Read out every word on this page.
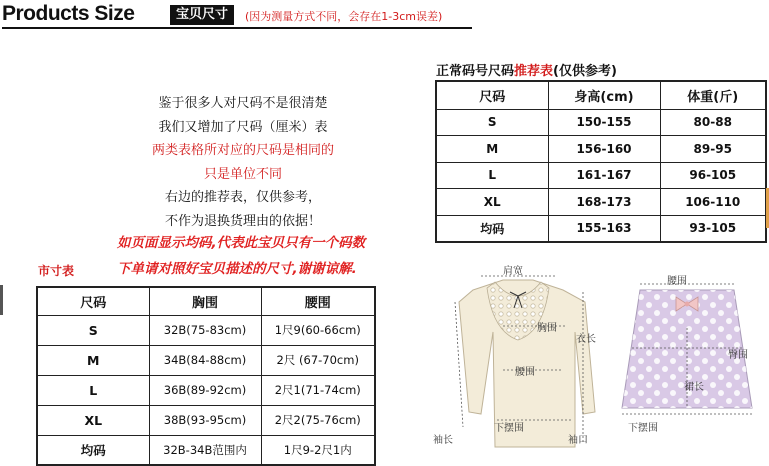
Products Size	宝贝尺寸	(因为测量方式不同，会存在1-3cm误差)
鉴于很多人对尺码不是很清楚
我们又增加了尺码（厘米）表
两类表格所对应的尺码是相同的
只是单位不同
右边的推荐表，仅供参考，
不作为退换货理由的依据！
如页面显示均码,代表此宝贝只有一个码数
下单请对照好宝贝描述的尺寸,谢谢谅解.
市寸表
尺码	胸围	腰围
S	32B(75-83cm)	1尺9(60-66cm)
M	34B(84-88cm)	2尺 (67-70cm)
L	36B(89-92cm)	2尺1(71-74cm)
XL	38B(93-95cm)	2尺2(75-76cm)
均码	32B-34B范围内	1尺9-2尺1内
正常码号尺码推荐表(仅供参考)
尺码	身高(cm)	体重(斤)
S	150-155	80-88
M	156-160	89-95
L	161-167	96-105
XL	168-173	106-110
均码	155-163	93-105
肩宽
胸围
衣长
腰围
下摆围
袖长	袖口
腰围
臀围
裙长
下摆围
